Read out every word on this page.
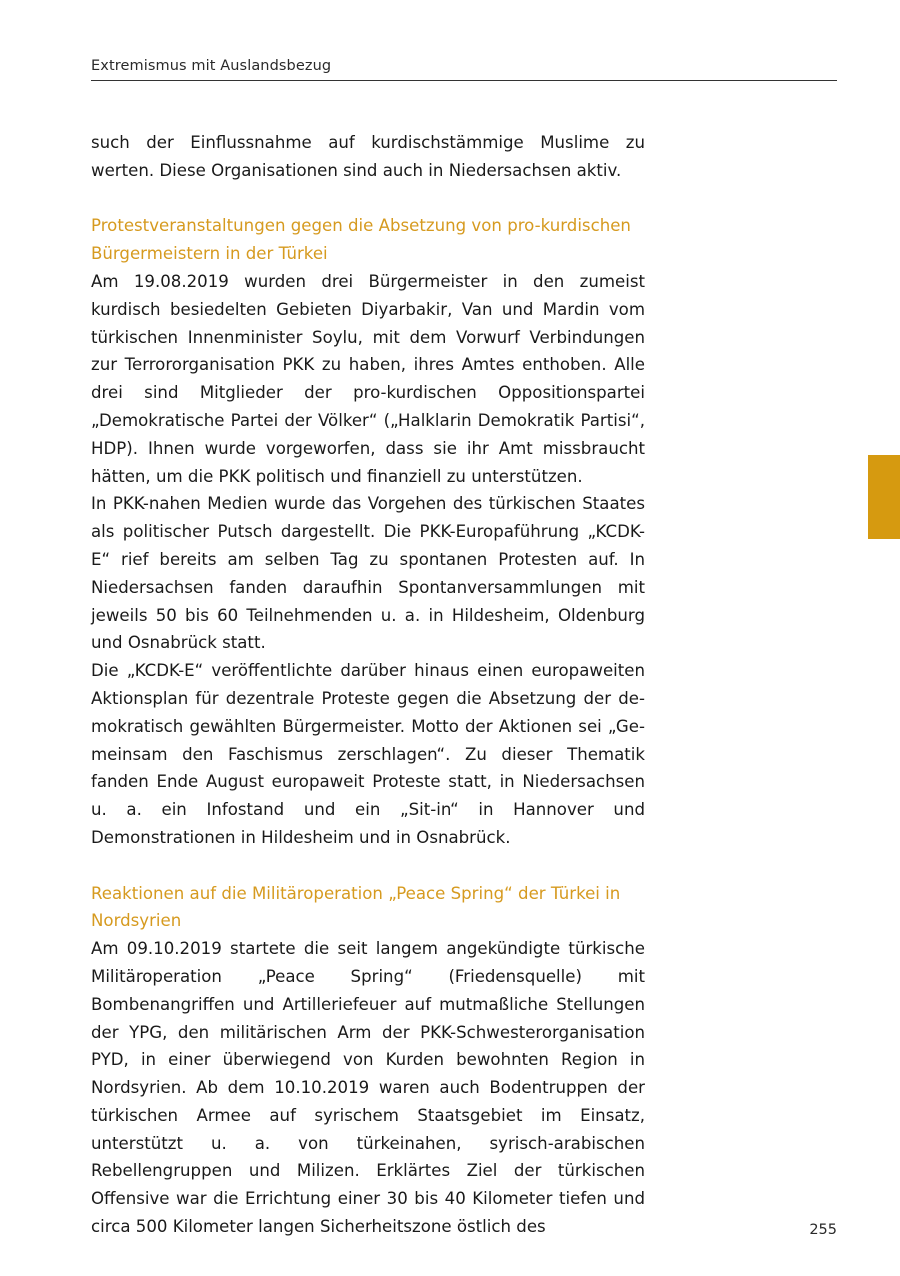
Extremismus mit Auslandsbezug

such der Einflussnahme auf kurdischstämmige Muslime zu werten. Diese Organisationen sind auch in Niedersachsen aktiv.

Protestveranstaltungen gegen die Absetzung von pro-kurdischen Bürgermeistern in der Türkei

Am 19.08.2019 wurden drei Bürgermeister in den zumeist kurdisch besiedelten Gebieten Diyarbakir, Van und Mardin vom türkischen Innenminister Soylu, mit dem Vorwurf Verbindungen zur Terrororganisation PKK zu haben, ihres Amtes enthoben. Alle drei sind Mitglieder der pro-kurdischen Oppositionspartei „Demokratische Partei der Völker“ („Halklarin Demokratik Partisi“, HDP). Ihnen wurde vorgeworfen, dass sie ihr Amt missbraucht hätten, um die PKK politisch und finanziell zu unterstützen.

In PKK-nahen Medien wurde das Vorgehen des türkischen Staates als politischer Putsch dargestellt. Die PKK-Europaführung „KCDK-E“ rief bereits am selben Tag zu spontanen Protesten auf. In Niedersachsen fanden daraufhin Spontanversammlungen mit jeweils 50 bis 60 Teilnehmenden u. a. in Hildesheim, Oldenburg und Osnabrück statt.

Die „KCDK-E“ veröffentlichte darüber hinaus einen europaweiten Aktionsplan für dezentrale Proteste gegen die Absetzung der demokratisch gewählten Bürgermeister. Motto der Aktionen sei „Gemeinsam den Faschismus zerschlagen“. Zu dieser Thematik fanden Ende August europaweit Proteste statt, in Niedersachsen u. a. ein Infostand und ein „Sit-in“ in Hannover und Demonstrationen in Hildesheim und in Osnabrück.

Reaktionen auf die Militäroperation „Peace Spring“ der Türkei in Nordsyrien

Am 09.10.2019 startete die seit langem angekündigte türkische Militäroperation „Peace Spring“ (Friedensquelle) mit Bombenangriffen und Artilleriefeuer auf mutmaßliche Stellungen der YPG, den militärischen Arm der PKK-Schwesterorganisation PYD, in einer überwiegend von Kurden bewohnten Region in Nordsyrien. Ab dem 10.10.2019 waren auch Bodentruppen der türkischen Armee auf syrischem Staatsgebiet im Einsatz, unterstützt u. a. von türkeinahen, syrisch-arabischen Rebellengruppen und Milizen. Erklärtes Ziel der türkischen Offensive war die Errichtung einer 30 bis 40 Kilometer tiefen und circa 500 Kilometer langen Sicherheitszone östlich des	255
